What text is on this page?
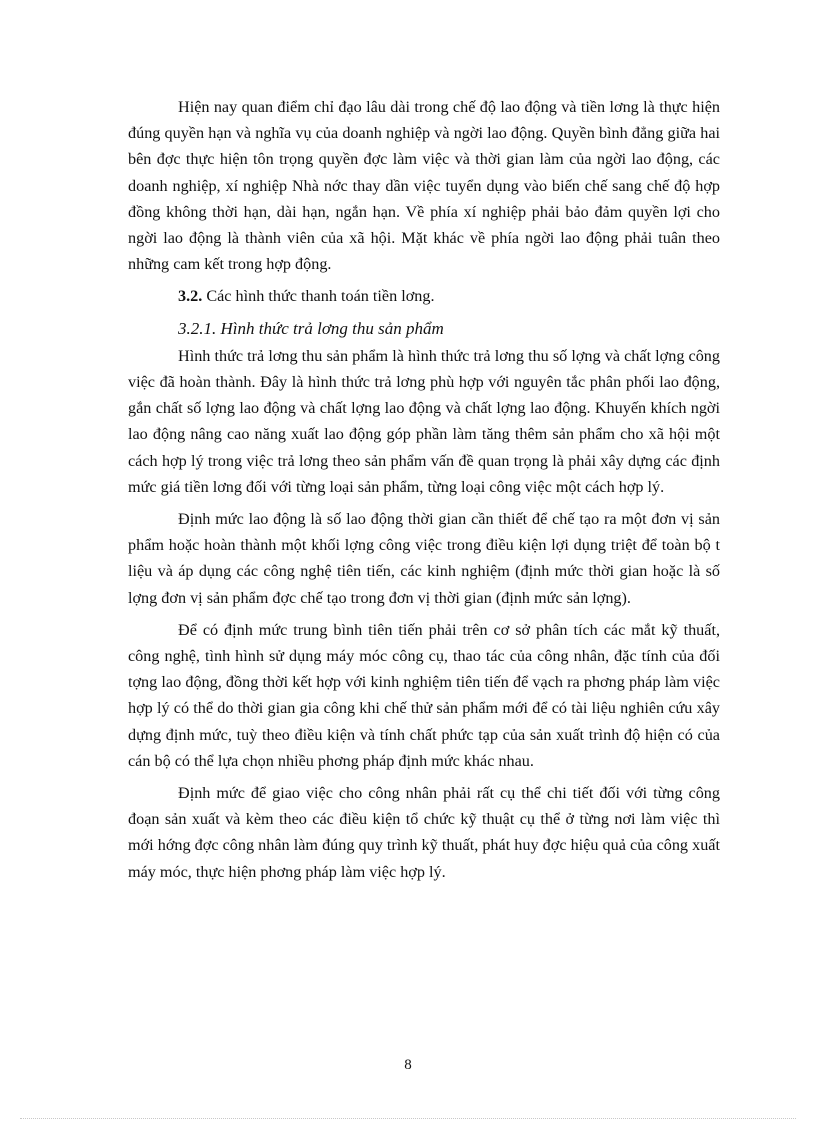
Hiện nay quan điểm chỉ đạo lâu dài trong chế độ lao động và tiền lơng là thực hiện đúng quyền hạn và nghĩa vụ của doanh nghiệp và ngời lao động. Quyền bình đẳng giữa hai bên đợc thực hiện tôn trọng quyền đợc làm việc và thời gian làm của ngời lao động, các doanh nghiệp, xí nghiệp Nhà nớc thay dần việc tuyển dụng vào biến chế sang chế độ hợp đồng không thời hạn, dài hạn, ngắn hạn. Về phía xí nghiệp phải bảo đảm quyền lợi cho ngời lao động là thành viên của xã hội. Mặt khác về phía ngời lao động phải tuân theo những cam kết trong hợp động.

3.2. Các hình thức thanh toán tiền lơng.

3.2.1. Hình thức trả lơng thu sản phẩm

Hình thức trả lơng thu sản phẩm là hình thức trả lơng thu số lợng và chất lợng công việc đã hoàn thành. Đây là hình thức trả lơng phù hợp với nguyên tắc phân phối lao động, gắn chất số lợng lao động và chất lợng lao động và chất lợng lao động. Khuyến khích ngời lao động nâng cao năng xuất lao động góp phần làm tăng thêm sản phẩm cho xã hội một cách hợp lý trong việc trả lơng theo sản phẩm vấn đề quan trọng là phải xây dựng các định mức giá tiền lơng đối với từng loại sản phẩm, từng loại công việc một cách hợp lý.

Định mức lao động là số lao động thời gian cần thiết để chế tạo ra một đơn vị sản phẩm hoặc hoàn thành một khối lợng công việc trong điều kiện lợi dụng triệt để toàn bộ t liệu và áp dụng các công nghệ tiên tiến, các kinh nghiệm (định mức thời gian hoặc là số lợng đơn vị sản phẩm đợc chế tạo trong đơn vị thời gian (định mức sản lợng).

Để có định mức trung bình tiên tiến phải trên cơ sở phân tích các mắt kỹ thuất, công nghệ, tình hình sử dụng máy móc công cụ, thao tác của công nhân, đặc tính của đối tợng lao động, đồng thời kết hợp với kinh nghiệm tiên tiến để vạch ra phơng pháp làm việc hợp lý có thể do thời gian gia công khi chế thử sản phẩm mới để có tài liệu nghiên cứu xây dựng định mức, tuỳ theo điều kiện và tính chất phức tạp của sản xuất trình độ hiện có của cán bộ có thể lựa chọn nhiều phơng pháp định mức khác nhau.

Định mức để giao việc cho công nhân phải rất cụ thể chi tiết đối với từng công đoạn sản xuất và kèm theo các điều kiện tổ chức kỹ thuật cụ thể ở từng nơi làm việc thì mới hớng đợc công nhân làm đúng quy trình kỹ thuất, phát huy đợc hiệu quả của công xuất máy móc, thực hiện phơng pháp làm việc hợp lý.

8
